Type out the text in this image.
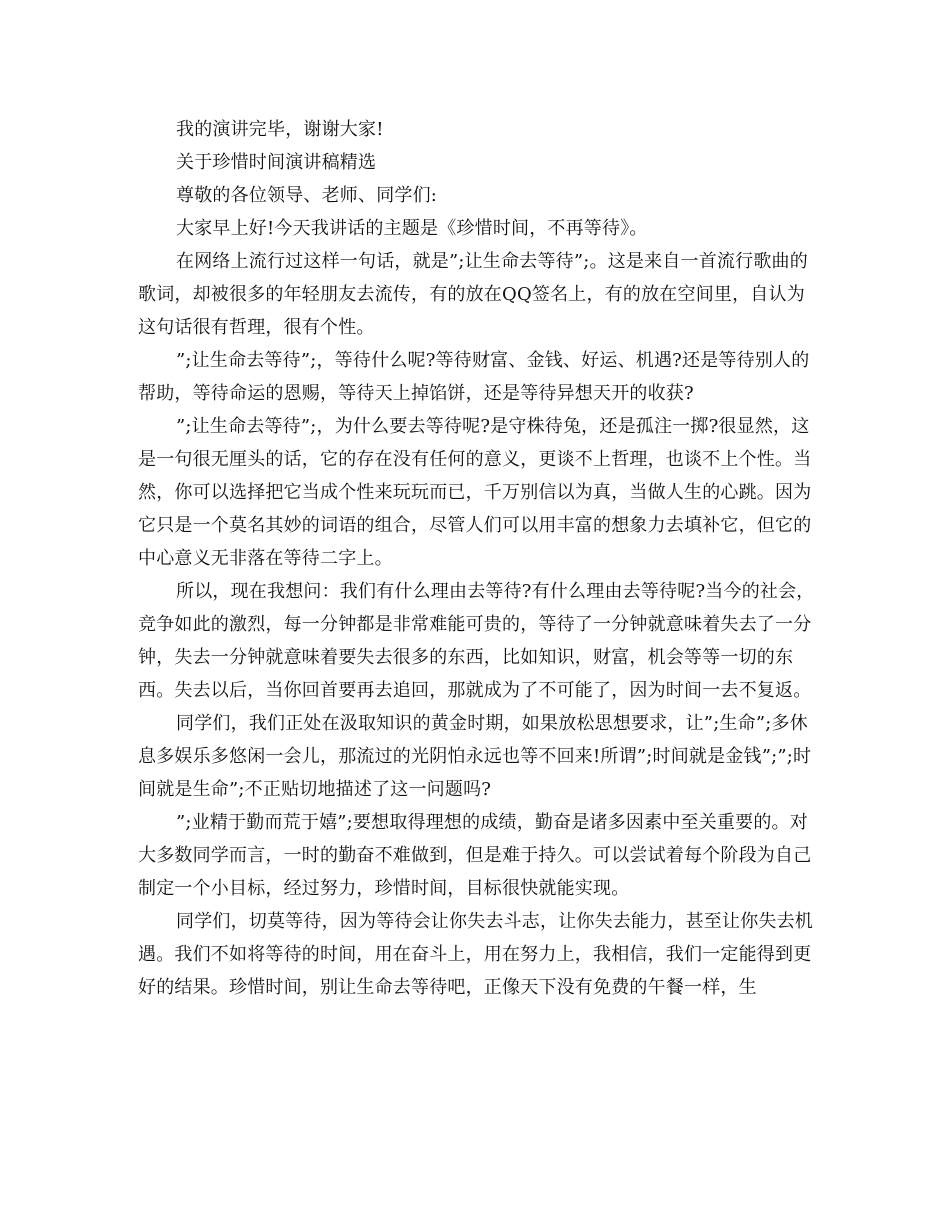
我的演讲完毕，谢谢大家!

关于珍惜时间演讲稿精选

尊敬的各位领导、老师、同学们:

大家早上好!今天我讲话的主题是《珍惜时间，不再等待》。

在网络上流行过这样一句话，就是”;让生命去等待”;。这是来自一首流行歌曲的歌词，却被很多的年轻朋友去流传，有的放在QQ签名上，有的放在空间里，自认为这句话很有哲理，很有个性。

”;让生命去等待”;，等待什么呢?等待财富、金钱、好运、机遇?还是等待别人的帮助，等待命运的恩赐，等待天上掉馅饼，还是等待异想天开的收获?

”;让生命去等待”;，为什么要去等待呢?是守株待兔，还是孤注一掷?很显然，这是一句很无厘头的话，它的存在没有任何的意义，更谈不上哲理，也谈不上个性。当然，你可以选择把它当成个性来玩玩而已，千万别信以为真，当做人生的心跳。因为它只是一个莫名其妙的词语的组合，尽管人们可以用丰富的想象力去填补它，但它的中心意义无非落在等待二字上。

所以，现在我想问：我们有什么理由去等待?有什么理由去等待呢?当今的社会，竞争如此的激烈，每一分钟都是非常难能可贵的，等待了一分钟就意味着失去了一分钟，失去一分钟就意味着要失去很多的东西，比如知识，财富，机会等等一切的东西。失去以后，当你回首要再去追回，那就成为了不可能了，因为时间一去不复返。

同学们，我们正处在汲取知识的黄金时期，如果放松思想要求，让”;生命”;多休息多娱乐多悠闲一会儿，那流过的光阴怕永远也等不回来!所谓”;时间就是金钱”;”;时间就是生命”;不正贴切地描述了这一问题吗?

”;业精于勤而荒于嬉”;要想取得理想的成绩，勤奋是诸多因素中至关重要的。对大多数同学而言，一时的勤奋不难做到，但是难于持久。可以尝试着每个阶段为自己制定一个小目标，经过努力，珍惜时间，目标很快就能实现。

同学们，切莫等待，因为等待会让你失去斗志，让你失去能力，甚至让你失去机遇。我们不如将等待的时间，用在奋斗上，用在努力上，我相信，我们一定能得到更好的结果。珍惜时间，别让生命去等待吧，正像天下没有免费的午餐一样，生
